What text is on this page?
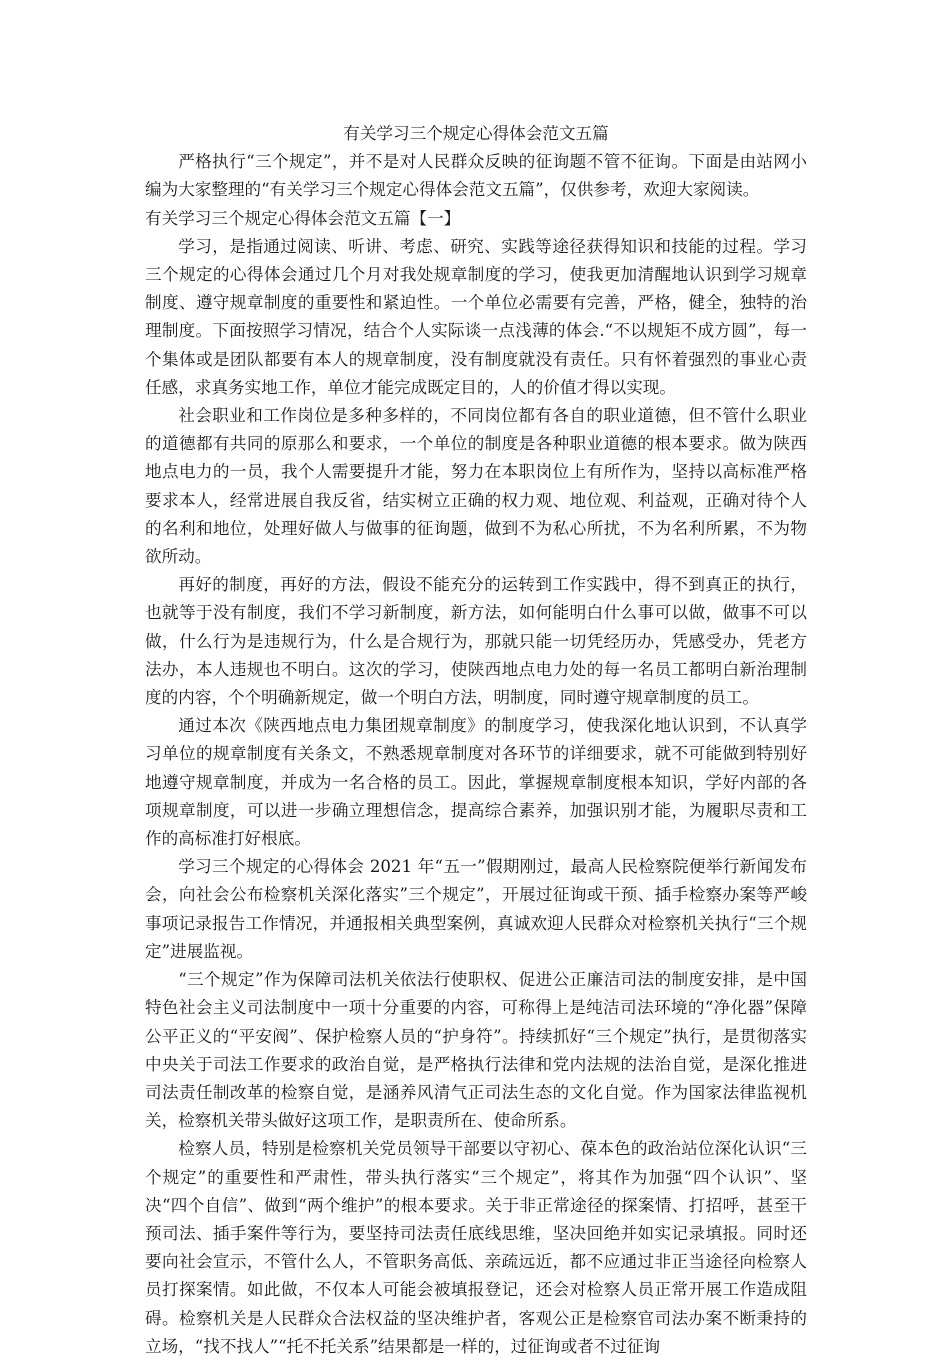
有关学习三个规定心得体会范文五篇

严格执行“三个规定”，并不是对人民群众反映的征询题不管不征询。下面是由站网小编为大家整理的“有关学习三个规定心得体会范文五篇”，仅供参考，欢迎大家阅读。

有关学习三个规定心得体会范文五篇【一】

学习，是指通过阅读、听讲、考虑、研究、实践等途径获得知识和技能的过程。学习三个规定的心得体会通过几个月对我处规章制度的学习，使我更加清醒地认识到学习规章制度、遵守规章制度的重要性和紧迫性。一个单位必需要有完善，严格，健全，独特的治理制度。下面按照学习情况，结合个人实际谈一点浅薄的体会.“不以规矩不成方圆”，每一个集体或是团队都要有本人的规章制度，没有制度就没有责任。只有怀着强烈的事业心责任感，求真务实地工作，单位才能完成既定目的，人的价值才得以实现。

社会职业和工作岗位是多种多样的，不同岗位都有各自的职业道德，但不管什么职业的道德都有共同的原那么和要求，一个单位的制度是各种职业道德的根本要求。做为陕西地点电力的一员，我个人需要提升才能，努力在本职岗位上有所作为，坚持以高标准严格要求本人，经常进展自我反省，结实树立正确的权力观、地位观、利益观，正确对待个人的名利和地位，处理好做人与做事的征询题，做到不为私心所扰，不为名利所累，不为物欲所动。

再好的制度，再好的方法，假设不能充分的运转到工作实践中，得不到真正的执行，也就等于没有制度，我们不学习新制度，新方法，如何能明白什么事可以做，做事不可以做，什么行为是违规行为，什么是合规行为，那就只能一切凭经历办，凭感受办，凭老方法办，本人违规也不明白。这次的学习，使陕西地点电力处的每一名员工都明白新治理制度的内容，个个明确新规定，做一个明白方法，明制度，同时遵守规章制度的员工。

通过本次《陕西地点电力集团规章制度》的制度学习，使我深化地认识到，不认真学习单位的规章制度有关条文，不熟悉规章制度对各环节的详细要求，就不可能做到特别好地遵守规章制度，并成为一名合格的员工。因此，掌握规章制度根本知识，学好内部的各项规章制度，可以进一步确立理想信念，提高综合素养，加强识别才能，为履职尽责和工作的高标准打好根底。

学习三个规定的心得体会 2021 年“五一”假期刚过，最高人民检察院便举行新闻发布会，向社会公布检察机关深化落实”三个规定”，开展过征询或干预、插手检察办案等严峻事项记录报告工作情况，并通报相关典型案例，真诚欢迎人民群众对检察机关执行“三个规定”进展监视。

“三个规定”作为保障司法机关依法行使职权、促进公正廉洁司法的制度安排，是中国特色社会主义司法制度中一项十分重要的内容，可称得上是纯洁司法环境的“净化器”保障公平正义的“平安阀”、保护检察人员的“护身符”。持续抓好“三个规定”执行，是贯彻落实中央关于司法工作要求的政治自觉，是严格执行法律和党内法规的法治自觉，是深化推进司法责任制改革的检察自觉，是涵养风清气正司法生态的文化自觉。作为国家法律监视机关，检察机关带头做好这项工作，是职责所在、使命所系。

检察人员，特别是检察机关党员领导干部要以守初心、葆本色的政治站位深化认识“三个规定”的重要性和严肃性，带头执行落实“三个规定”，将其作为加强“四个认识”、坚决“四个自信”、做到“两个维护”的根本要求。关于非正常途径的探案情、打招呼，甚至干预司法、插手案件等行为，要坚持司法责任底线思维，坚决回绝并如实记录填报。同时还要向社会宣示，不管什么人，不管职务高低、亲疏远近，都不应通过非正当途径向检察人员打探案情。如此做，不仅本人可能会被填报登记，还会对检察人员正常开展工作造成阻碍。检察机关是人民群众合法权益的坚决维护者，客观公正是检察官司法办案不断秉持的立场，“找不找人”“托不托关系”结果都是一样的，过征询或者不过征询
